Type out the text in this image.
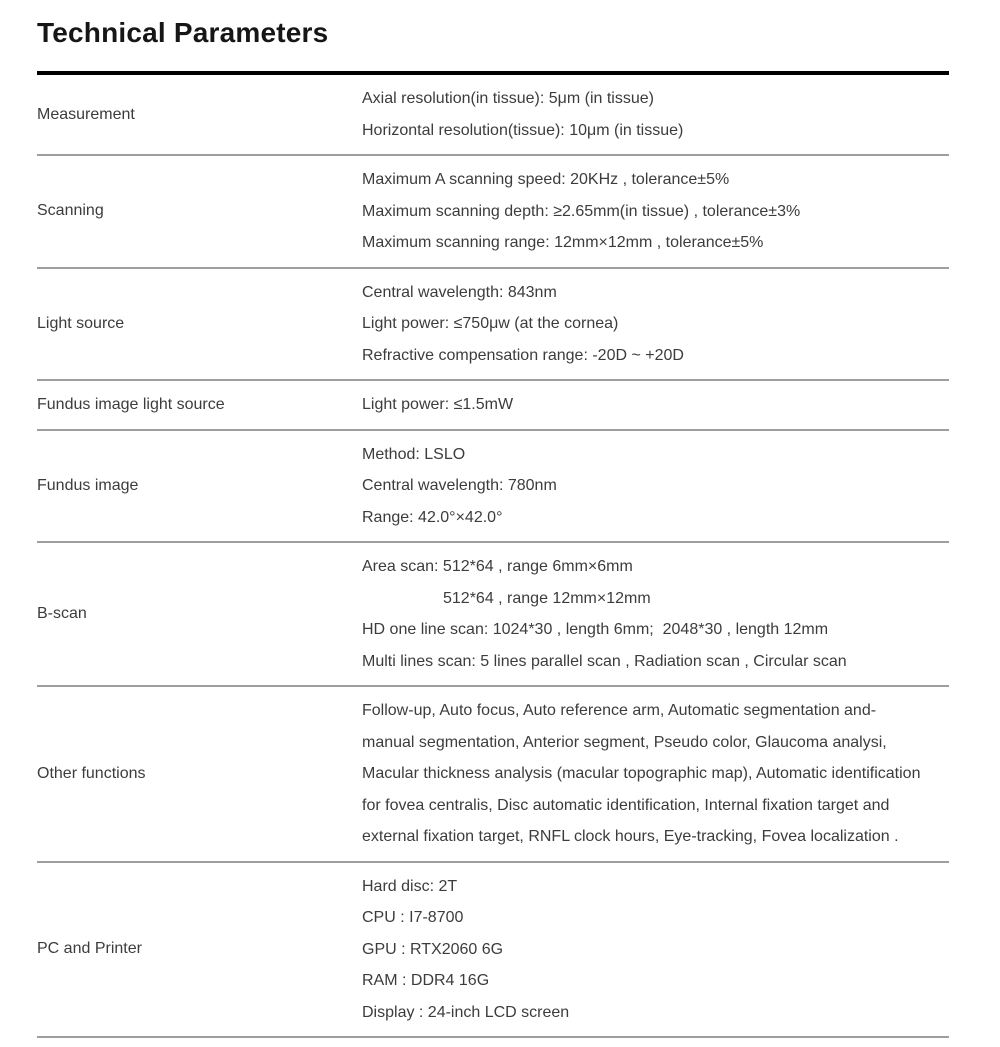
Technical Parameters
Measurement
Axial resolution(in tissue): 5μm (in tissue)
Horizontal resolution(tissue): 10μm (in tissue)
Scanning
Maximum A scanning speed: 20KHz , tolerance±5%
Maximum scanning depth: ≥2.65mm(in tissue) , tolerance±3%
Maximum scanning range: 12mm×12mm , tolerance±5%
Light source
Central wavelength: 843nm
Light power: ≤750μw (at the cornea)
Refractive compensation range: -20D ~ +20D
Fundus image light source	Light power: ≤1.5mW
Fundus image
Method: LSLO
Central wavelength: 780nm
Range: 42.0°×42.0°
B-scan
Area scan: 512*64 , range 6mm×6mm
512*64 , range 12mm×12mm
HD one line scan: 1024*30 , length 6mm;  2048*30 , length 12mm
Multi lines scan: 5 lines parallel scan , Radiation scan , Circular scan
Other functions
Follow-up, Auto focus, Auto reference arm, Automatic segmentation and-
manual segmentation, Anterior segment, Pseudo color, Glaucoma analysi,
Macular thickness analysis (macular topographic map), Automatic identification
for fovea centralis, Disc automatic identification, Internal fixation target and
external fixation target, RNFL clock hours, Eye-tracking, Fovea localization .
PC and Printer
Hard disc: 2T
CPU : I7-8700
GPU : RTX2060 6G
RAM : DDR4 16G
Display : 24-inch LCD screen
